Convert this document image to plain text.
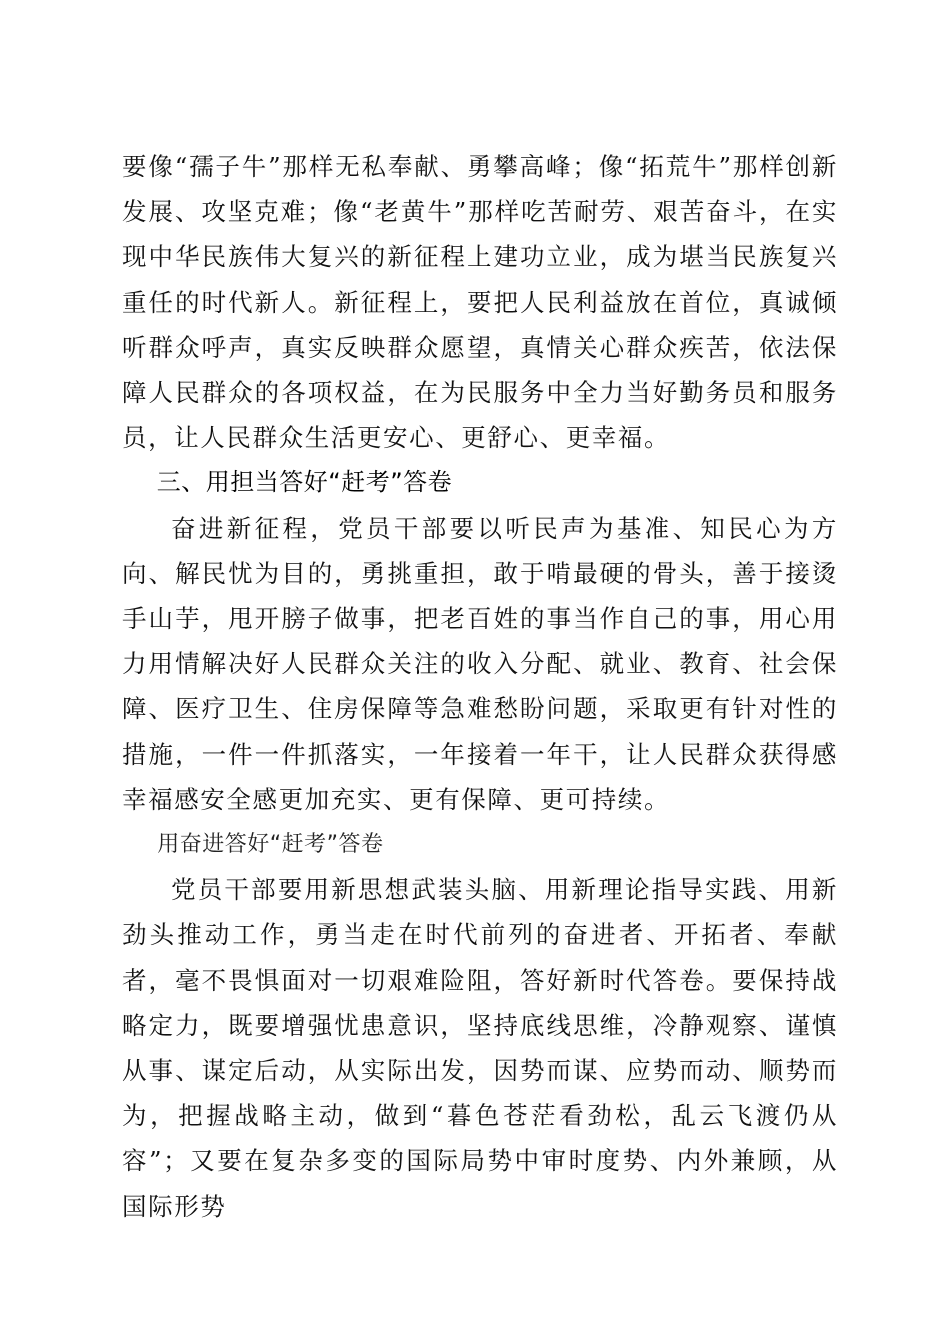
要像“孺子牛”那样无私奉献、勇攀高峰；像“拓荒牛”那样创新发展、攻坚克难；像“老黄牛”那样吃苦耐劳、艰苦奋斗，在实现中华民族伟大复兴的新征程上建功立业，成为堪当民族复兴重任的时代新人。新征程上，要把人民利益放在首位，真诚倾听群众呼声，真实反映群众愿望，真情关心群众疾苦，依法保障人民群众的各项权益，在为民服务中全力当好勤务员和服务员，让人民群众生活更安心、更舒心、更幸福。

三、用担当答好“赶考”答卷

奋进新征程，党员干部要以听民声为基准、知民心为方向、解民忧为目的，勇挑重担，敢于啃最硬的骨头，善于接烫手山芋，甩开膀子做事，把老百姓的事当作自己的事，用心用力用情解决好人民群众关注的收入分配、就业、教育、社会保障、医疗卫生、住房保障等急难愁盼问题，采取更有针对性的措施，一件一件抓落实，一年接着一年干，让人民群众获得感幸福感安全感更加充实、更有保障、更可持续。

用奋进答好“赶考”答卷

党员干部要用新思想武装头脑、用新理论指导实践、用新劲头推动工作，勇当走在时代前列的奋进者、开拓者、奉献者，毫不畏惧面对一切艰难险阻，答好新时代答卷。要保持战略定力，既要增强忧患意识，坚持底线思维，冷静观察、谨慎从事、谋定后动，从实际出发，因势而谋、应势而动、顺势而为，把握战略主动，做到“暮色苍茫看劲松，乱云飞渡仍从容”；又要在复杂多变的国际局势中审时度势、内外兼顾，从国际形势
